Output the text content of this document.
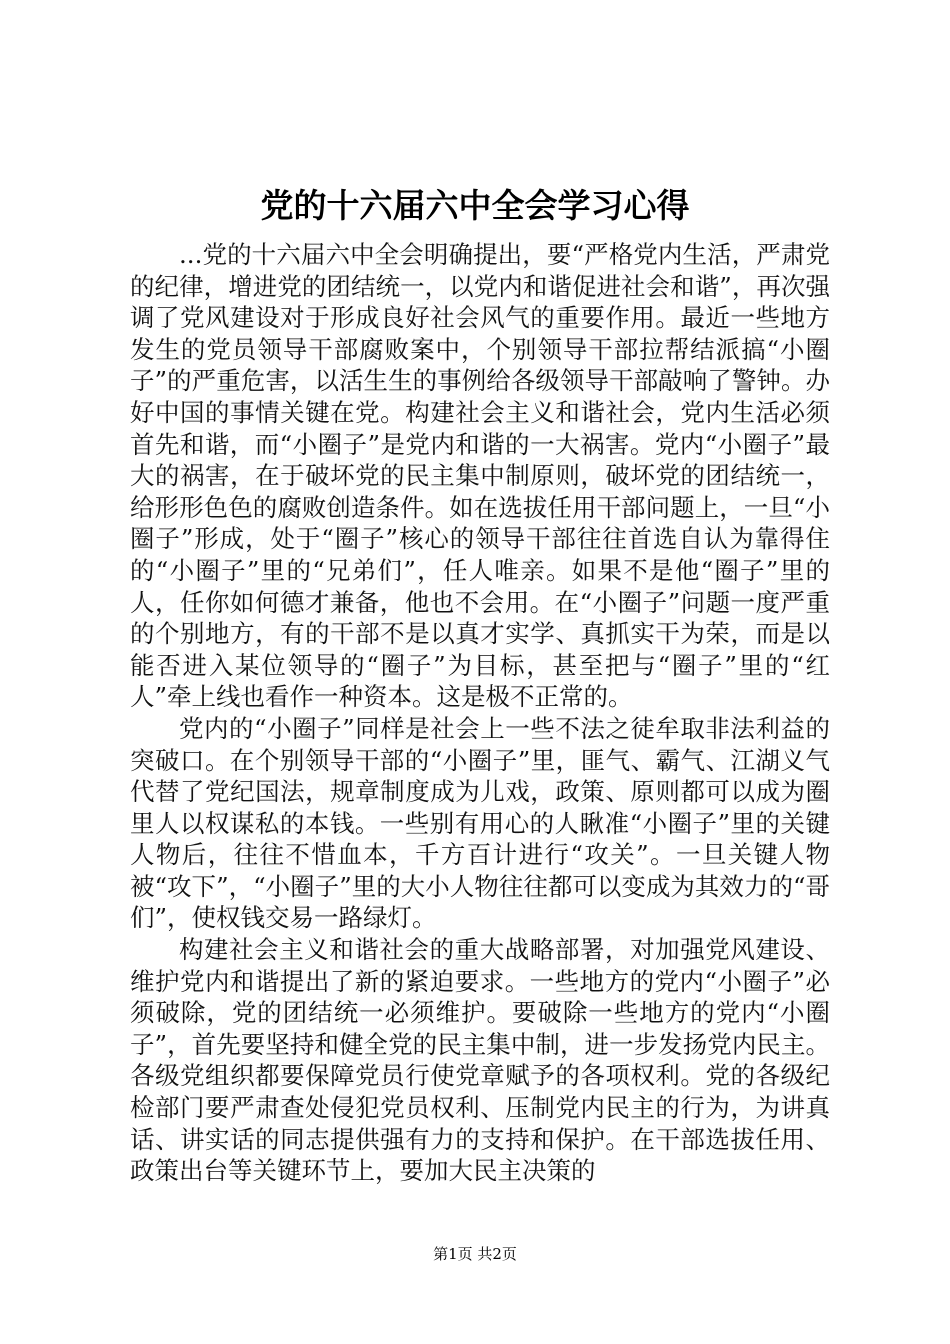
党的十六届六中全会学习心得

...党的十六届六中全会明确提出，要“严格党内生活，严肃党的纪律，增进党的团结统一，以党内和谐促进社会和谐”，再次强调了党风建设对于形成良好社会风气的重要作用。最近一些地方发生的党员领导干部腐败案中，个别领导干部拉帮结派搞“小圈子”的严重危害，以活生生的事例给各级领导干部敲响了警钟。办好中国的事情关键在党。构建社会主义和谐社会，党内生活必须首先和谐，而“小圈子”是党内和谐的一大祸害。党内“小圈子”最大的祸害，在于破坏党的民主集中制原则，破坏党的团结统一，给形形色色的腐败创造条件。如在选拔任用干部问题上，一旦“小圈子”形成，处于“圈子”核心的领导干部往往首选自认为靠得住的“小圈子”里的“兄弟们”，任人唯亲。如果不是他“圈子”里的人，任你如何德才兼备，他也不会用。在“小圈子”问题一度严重的个别地方，有的干部不是以真才实学、真抓实干为荣，而是以能否进入某位领导的“圈子”为目标，甚至把与“圈子”里的“红人”牵上线也看作一种资本。这是极不正常的。

党内的“小圈子”同样是社会上一些不法之徒牟取非法利益的突破口。在个别领导干部的“小圈子”里，匪气、霸气、江湖义气代替了党纪国法，规章制度成为儿戏，政策、原则都可以成为圈里人以权谋私的本钱。一些别有用心的人瞅准“小圈子”里的关键人物后，往往不惜血本，千方百计进行“攻关”。一旦关键人物被“攻下”，“小圈子”里的大小人物往往都可以变成为其效力的“哥们”，使权钱交易一路绿灯。

构建社会主义和谐社会的重大战略部署，对加强党风建设、维护党内和谐提出了新的紧迫要求。一些地方的党内“小圈子”必须破除，党的团结统一必须维护。要破除一些地方的党内“小圈子”，首先要坚持和健全党的民主集中制，进一步发扬党内民主。各级党组织都要保障党员行使党章赋予的各项权利。党的各级纪检部门要严肃查处侵犯党员权利、压制党内民主的行为，为讲真话、讲实话的同志提供强有力的支持和保护。在干部选拔任用、政策出台等关键环节上，要加大民主决策的

第1页 共2页
